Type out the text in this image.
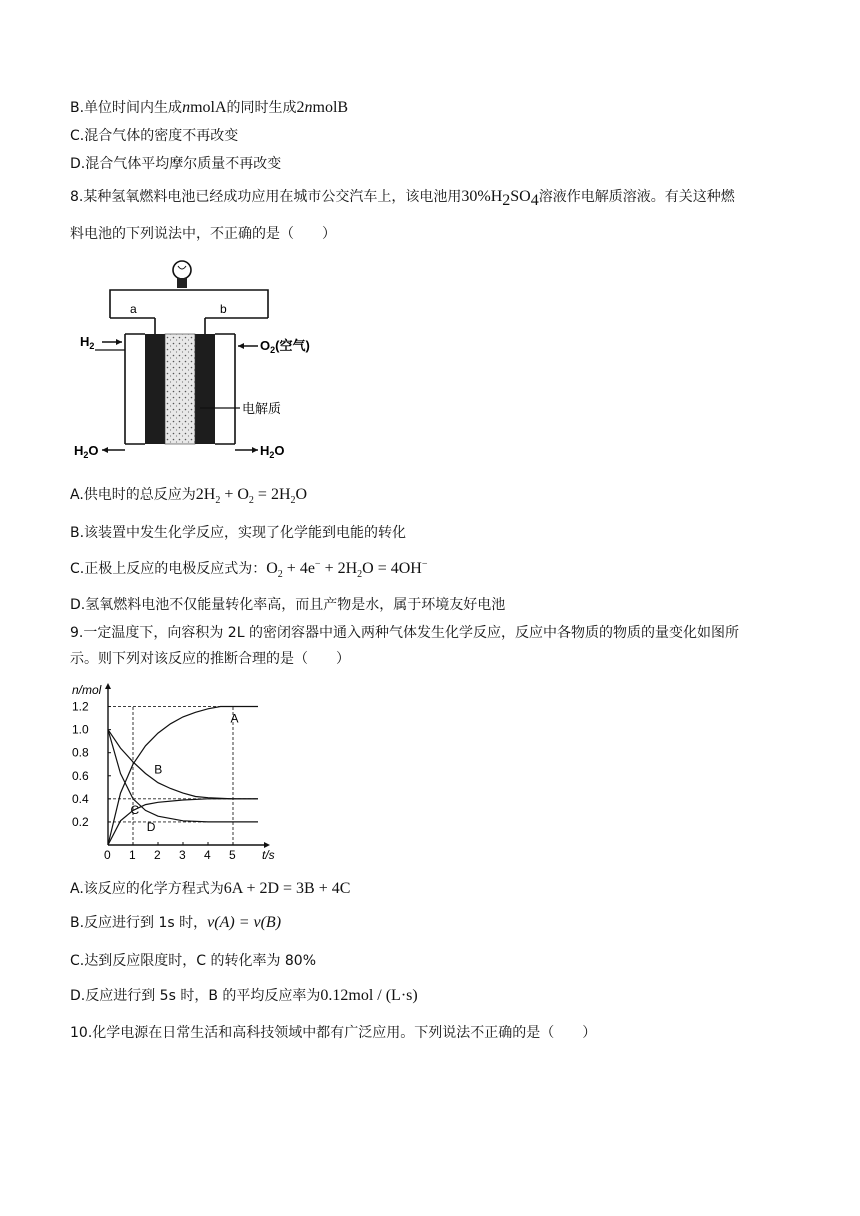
B.单位时间内生成nmolA的同时生成2nmolB
C.混合气体的密度不再改变
D.混合气体平均摩尔质量不再改变
8.某种氢氧燃料电池已经成功应用在城市公交汽车上，该电池用$30\%H_2SO_4$溶液作电解质溶液。有关这种燃
料电池的下列说法中，不正确的是（　　）
a	b
$H_2$	$O_2$(空气)
电解质
$H_2O$	$H_2O$
A.供电时的总反应为$2H_2 + O_2 = 2H_2O$
B.该装置中发生化学反应，实现了化学能到电能的转化
C.正极上反应的电极反应式为：$O_2 + 4e^- + 2H_2O = 4OH^-$
D.氢氧燃料电池不仅能量转化率高，而且产物是水，属于环境友好电池
9.一定温度下，向容积为 2L 的密闭容器中通入两种气体发生化学反应，反应中各物质的物质的量变化如图所
示。则下列对该反应的推断合理的是（　　）
0 1 2 3 4 5
0.2
0.4
0.6
0.8
1.0
1.2
n/mol
t/s
A
B
C
D
A.该反应的化学方程式为6A + 2D = 3B + 4C
B.反应进行到 1s 时，v(A) = v(B)
C.达到反应限度时，C 的转化率为 80%
D.反应进行到 5s 时，B 的平均反应率为0.12mol / (L·s)
10.化学电源在日常生活和高科技领域中都有广泛应用。下列说法不正确的是（　　）
